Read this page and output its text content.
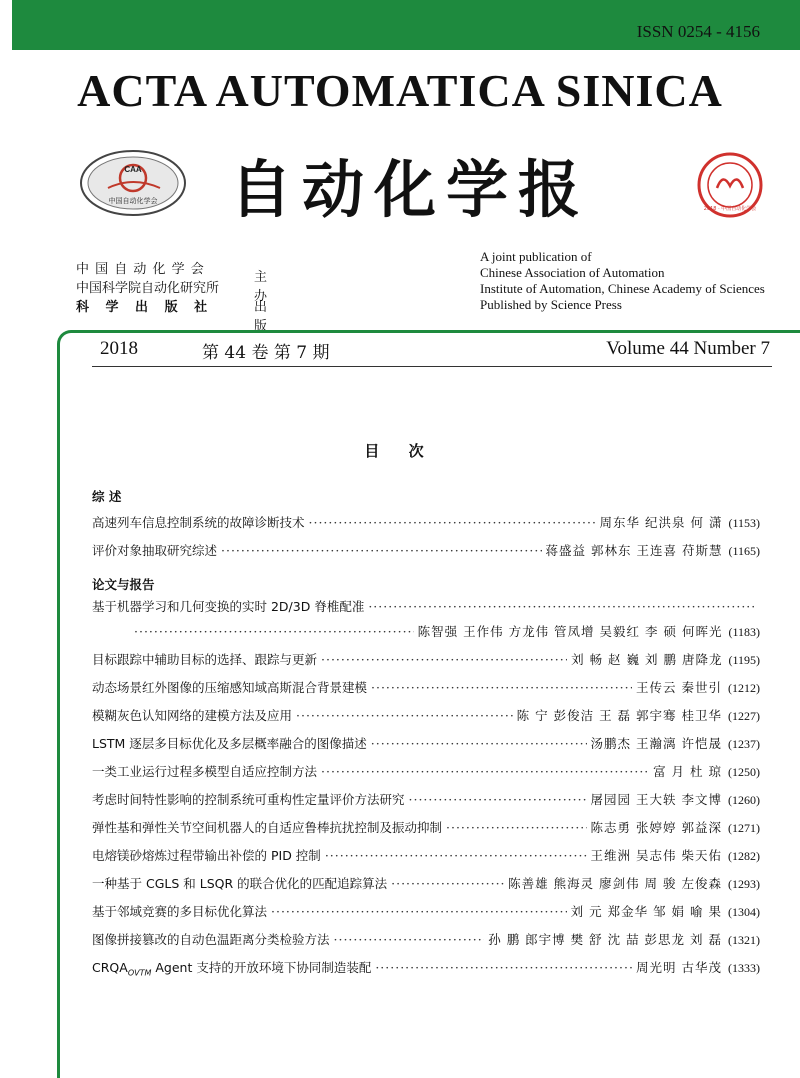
ISSN 0254 - 4156
ACTA AUTOMATICA SINICA
CAA
中国自动化学会	自动化学报	2018 · 中国自动化学会
中 国 自 动 化 学 会
中国科学院自动化研究所
科 学 出 版 社
主办
出版
A joint publication of
Chinese Association of Automation
Institute of Automation, Chinese Academy of Sciences
Published by Science Press
2018	第 44 卷 第 7 期	Volume 44 Number 7
目 次
综 述
高速列车信息控制系统的故障诊断技术 ·····	周东华 纪洪泉 何 潇 (1153)
评价对象抽取研究综述 ·····	蒋盛益 郭林东 王连喜 苻斯慧 (1165)
论文与报告
基于机器学习和几何变换的实时 2D/3D 脊椎配准
·····
·····
陈智强 王作伟 方龙伟 管凤增 吴毅红 李 硕 何晖光 (1183)
目标跟踪中辅助目标的选择、跟踪与更新 ·····	刘 畅 赵 巍 刘 鹏 唐降龙 (1195)
动态场景红外图像的压缩感知域高斯混合背景建模 ·····	王传云 秦世引 (1212)
模糊灰色认知网络的建模方法及应用 ·····	陈 宁 彭俊洁 王 磊 郭宇骞 桂卫华 (1227)
LSTM 逐层多目标优化及多层概率融合的图像描述 ·····	汤鹏杰 王瀚漓 许恺晟 (1237)
一类工业运行过程多模型自适应控制方法 ·····	富 月 杜 琼 (1250)
考虑时间特性影响的控制系统可重构性定量评价方法研究 ·····	屠园园 王大轶 李文博 (1260)
弹性基和弹性关节空间机器人的自适应鲁棒抗扰控制及振动抑制 ·····	陈志勇 张婷婷 郭益深 (1271)
电熔镁砂熔炼过程带输出补偿的 PID 控制 ·····	王维洲 吴志伟 柴天佑 (1282)
一种基于 CGLS 和 LSQR 的联合优化的匹配追踪算法 ·····	陈善雄 熊海灵 廖剑伟 周 骏 左俊森 (1293)
基于邻域竞赛的多目标优化算法 ·····	刘 元 郑金华 邹 娟 喻 果 (1304)
图像拼接篡改的自动色温距离分类检验方法 ·····	孙 鹏 郎宇博 樊 舒 沈 喆 彭思龙 刘 磊 (1321)
$CRQA_{OVTM}$ Agent 支持的开放环境下协同制造装配 ·····	周光明 古华茂 (1333)
